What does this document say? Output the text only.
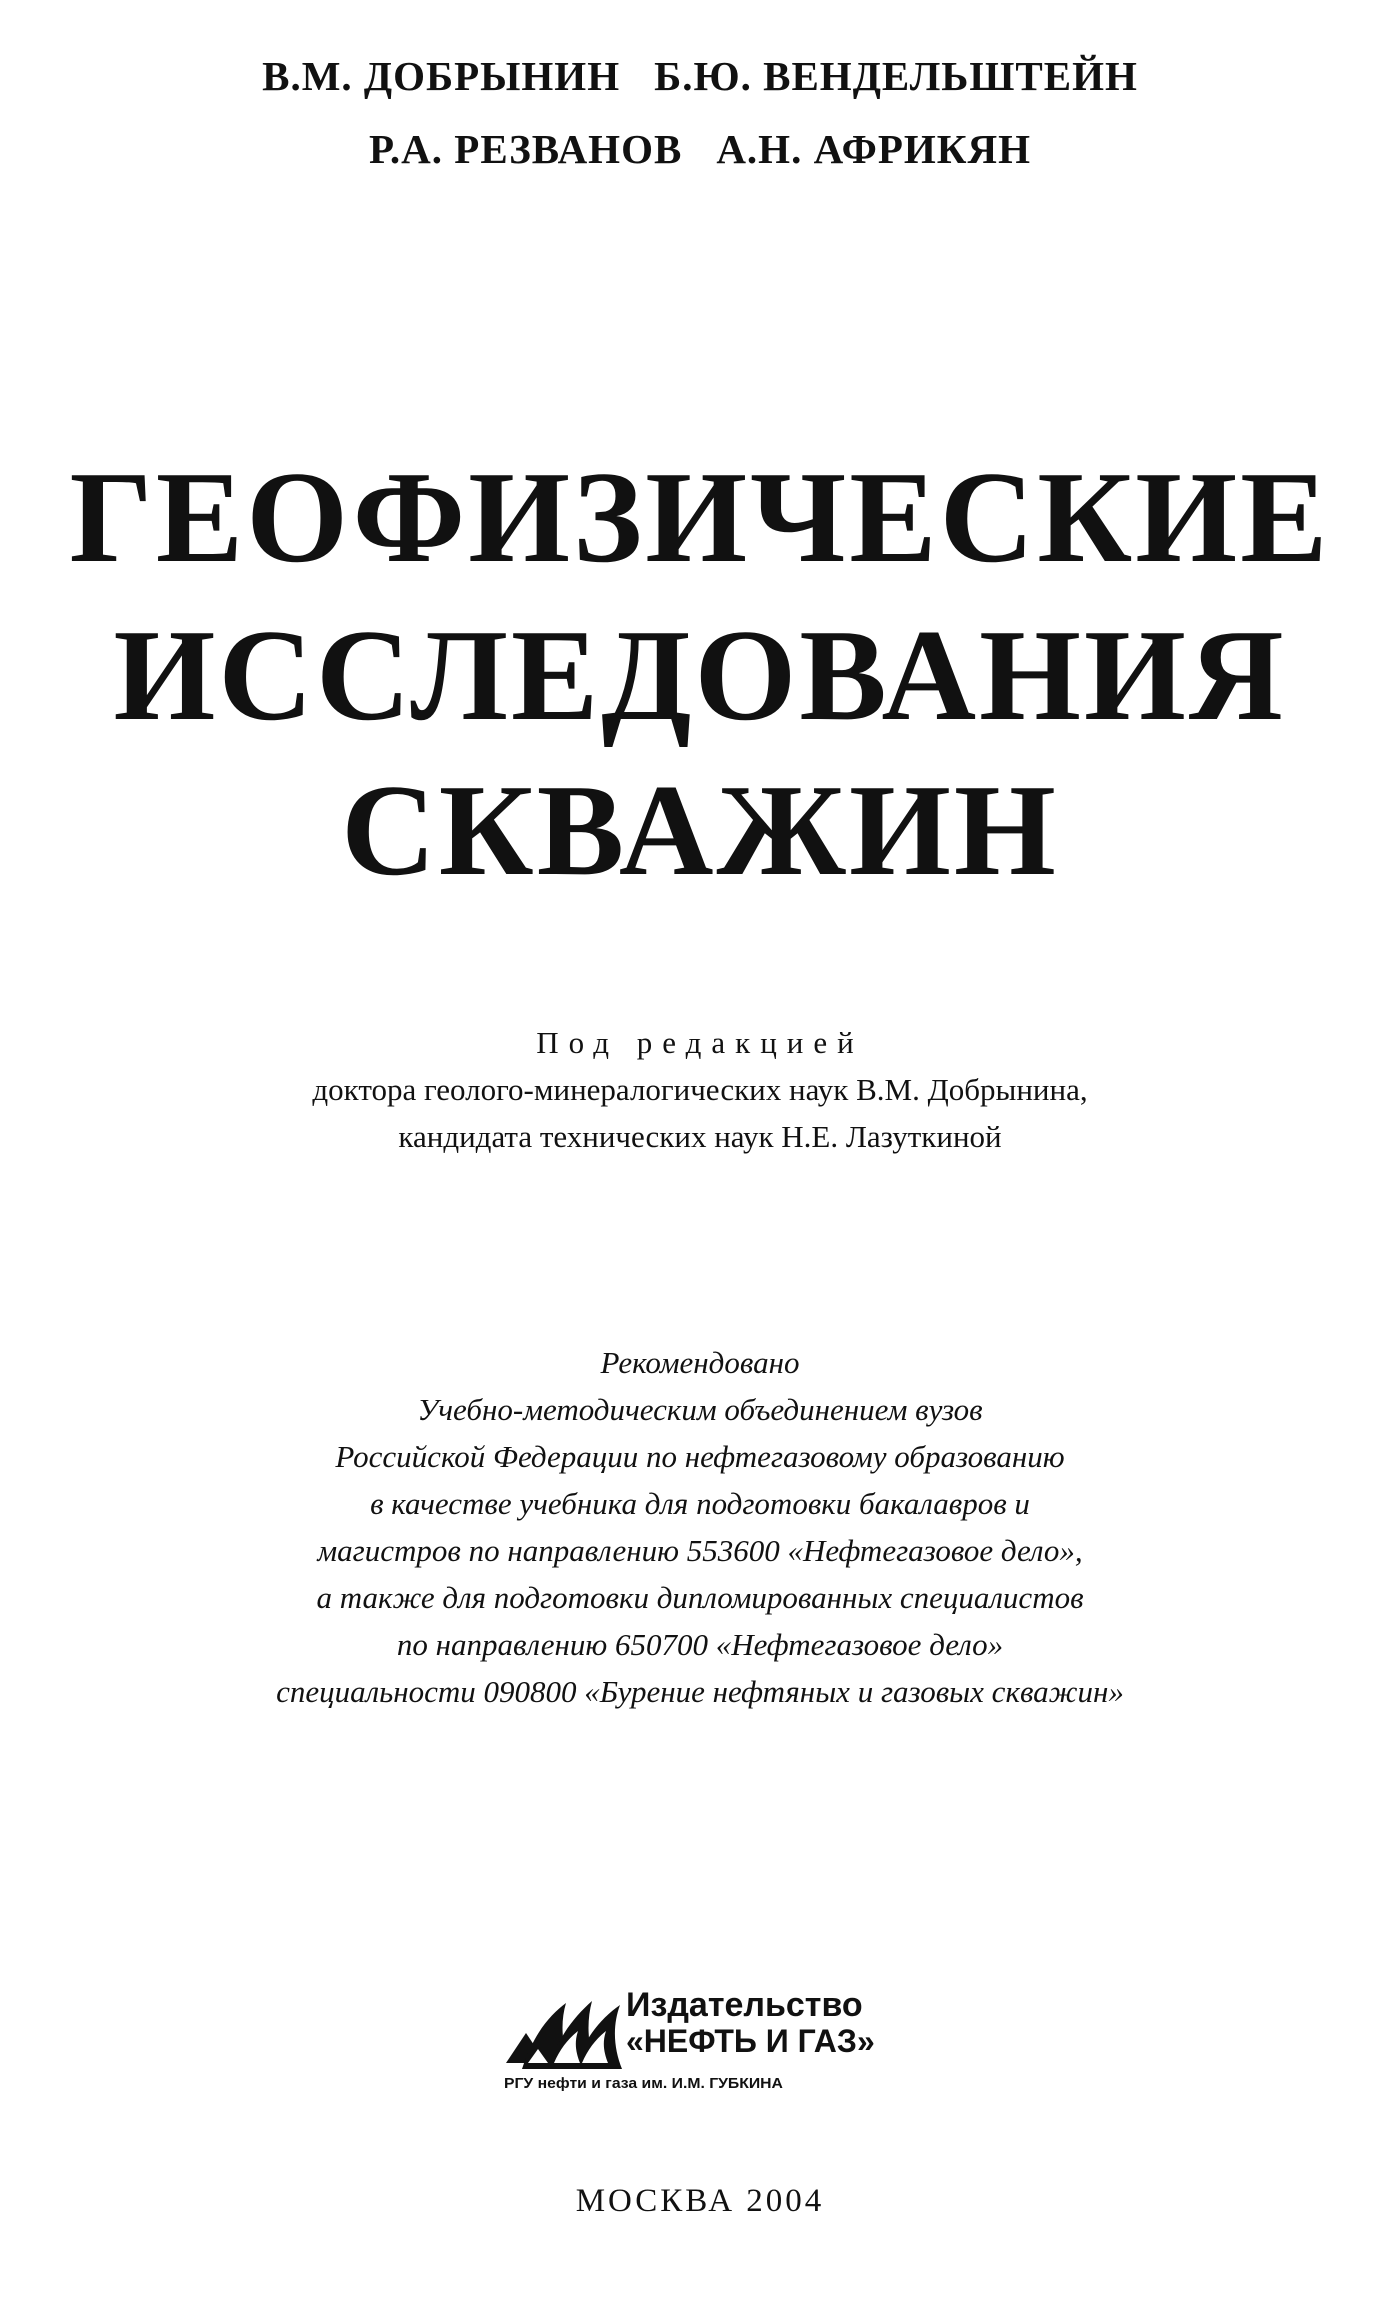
В.М. ДОБРЫНИН Б.Ю. ВЕНДЕЛЬШТЕЙН
Р.А. РЕЗВАНОВ А.Н. АФРИКЯН
ГЕОФИЗИЧЕСКИЕ
ИССЛЕДОВАНИЯ
СКВАЖИН
Под редакцией
доктора геолого-минералогических наук В.М. Добрынина,
кандидата технических наук Н.Е. Лазуткиной
Рекомендовано
Учебно-методическим объединением вузов
Российской Федерации по нефтегазовому образованию
в качестве учебника для подготовки бакалавров и
магистров по направлению 553600 «Нефтегазовое дело»,
а также для подготовки дипломированных специалистов
по направлению 650700 «Нефтегазовое дело»
специальности 090800 «Бурение нефтяных и газовых скважин»
Издательство
«НЕФТЬ И ГАЗ»
РГУ нефти и газа им. И.М. ГУБКИНА
МОСКВА 2004
